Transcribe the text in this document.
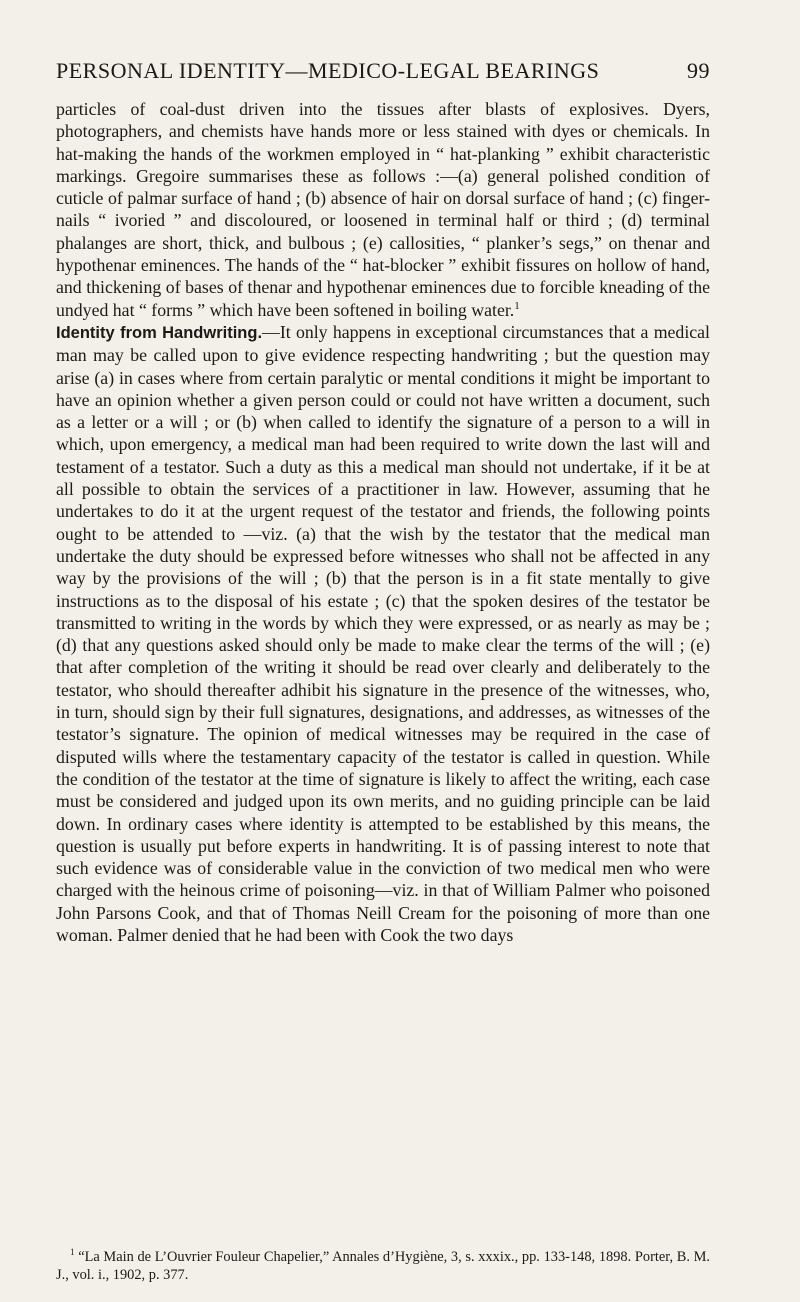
PERSONAL IDENTITY—MEDICO-LEGAL BEARINGS	99

particles of coal-dust driven into the tissues after blasts of explosives. Dyers, photographers, and chemists have hands more or less stained with dyes or chemicals. In hat-making the hands of the workmen employed in “ hat-planking ” exhibit characteristic markings. Gregoire summarises these as follows :—(a) general polished condition of cuticle of palmar surface of hand ; (b) absence of hair on dorsal surface of hand ; (c) finger-nails “ ivoried ” and discoloured, or loosened in terminal half or third ; (d) terminal phalanges are short, thick, and bulbous ; (e) callosities, “ planker’s segs,” on thenar and hypothenar eminences. The hands of the “ hat-blocker ” exhibit fissures on hollow of hand, and thickening of bases of thenar and hypothenar eminences due to forcible kneading of the undyed hat “ forms ” which have been softened in boiling water.$^1$

Identity from Handwriting.—It only happens in exceptional circumstances that a medical man may be called upon to give evidence respecting handwriting ; but the question may arise (a) in cases where from certain paralytic or mental conditions it might be important to have an opinion whether a given person could or could not have written a document, such as a letter or a will ; or (b) when called to identify the signature of a person to a will in which, upon emergency, a medical man had been required to write down the last will and testament of a testator. Such a duty as this a medical man should not undertake, if it be at all possible to obtain the services of a practitioner in law. However, assuming that he undertakes to do it at the urgent request of the testator and friends, the following points ought to be attended to —viz. (a) that the wish by the testator that the medical man undertake the duty should be expressed before witnesses who shall not be affected in any way by the provisions of the will ; (b) that the person is in a fit state mentally to give instructions as to the disposal of his estate ; (c) that the spoken desires of the testator be transmitted to writing in the words by which they were expressed, or as nearly as may be ; (d) that any questions asked should only be made to make clear the terms of the will ; (e) that after completion of the writing it should be read over clearly and deliberately to the testator, who should thereafter adhibit his signature in the presence of the witnesses, who, in turn, should sign by their full signatures, designations, and addresses, as witnesses of the testator’s signature. The opinion of medical witnesses may be required in the case of disputed wills where the testamentary capacity of the testator is called in question. While the condition of the testator at the time of signature is likely to affect the writing, each case must be considered and judged upon its own merits, and no guiding principle can be laid down. In ordinary cases where identity is attempted to be established by this means, the question is usually put before experts in handwriting. It is of passing interest to note that such evidence was of considerable value in the conviction of two medical men who were charged with the heinous crime of poisoning—viz. in that of William Palmer who poisoned John Parsons Cook, and that of Thomas Neill Cream for the poisoning of more than one woman. Palmer denied that he had been with Cook the two days

$^1$ “La Main de L’Ouvrier Fouleur Chapelier,” Annales d’Hygiène, 3, s. xxxix., pp. 133-148, 1898. Porter, B. M. J., vol. i., 1902, p. 377.
